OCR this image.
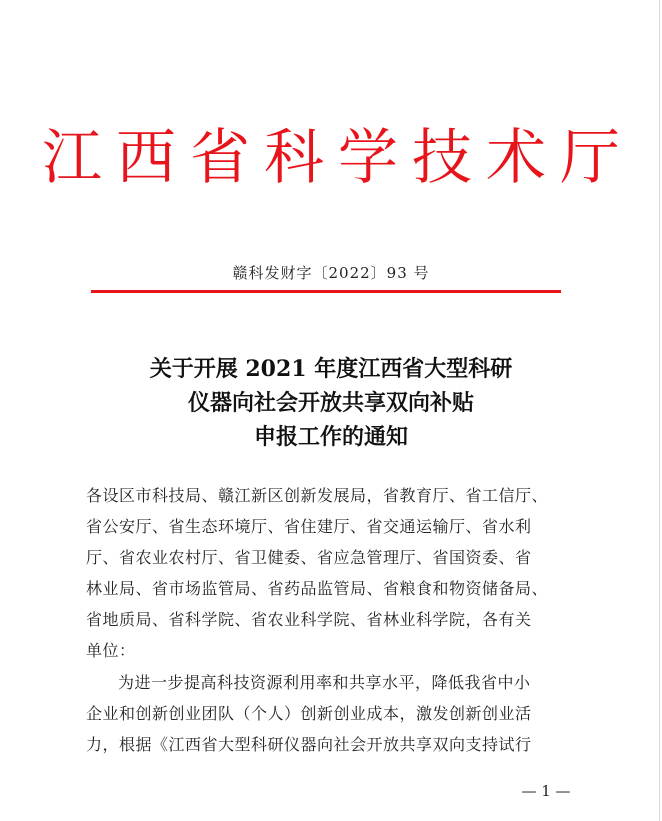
江西省科学技术厅
赣科发财字〔2022〕93 号
关于开展 2021 年度江西省大型科研
仪器向社会开放共享双向补贴
申报工作的通知
各设区市科技局、赣江新区创新发展局，省教育厅、省工信厅、
省公安厅、省生态环境厅、省住建厅、省交通运输厅、省水利
厅、省农业农村厅、省卫健委、省应急管理厅、省国资委、省
林业局、省市场监管局、省药品监管局、省粮食和物资储备局、
省地质局、省科学院、省农业科学院、省林业科学院，各有关
单位：
为进一步提高科技资源利用率和共享水平，降低我省中小
企业和创新创业团队（个人）创新创业成本，激发创新创业活
力，根据《江西省大型科研仪器向社会开放共享双向支持试行
— 1 —
